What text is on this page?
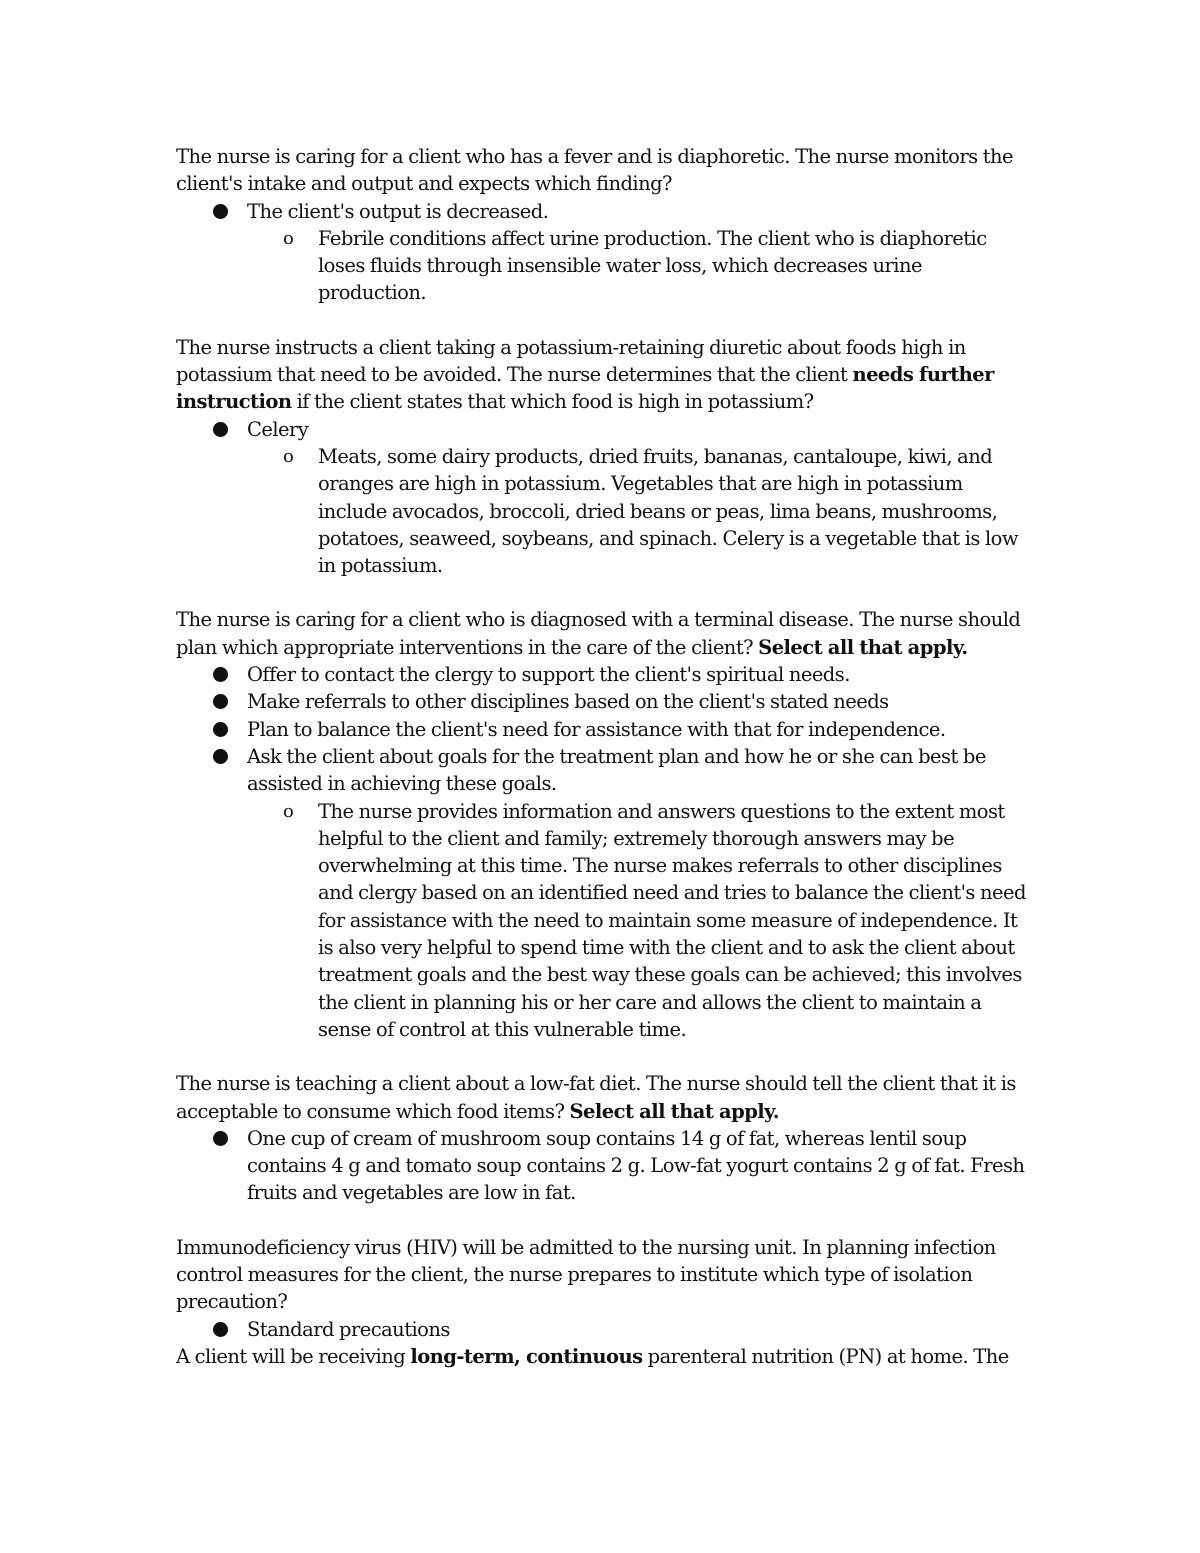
The nurse is caring for a client who has a fever and is diaphoretic. The nurse monitors the client's intake and output and expects which finding?

The client's output is decreased.
o Febrile conditions affect urine production. The client who is diaphoretic loses fluids through insensible water loss, which decreases urine production.

The nurse instructs a client taking a potassium-retaining diuretic about foods high in potassium that need to be avoided. The nurse determines that the client needs further instruction if the client states that which food is high in potassium?

Celery
o Meats, some dairy products, dried fruits, bananas, cantaloupe, kiwi, and oranges are high in potassium. Vegetables that are high in potassium include avocados, broccoli, dried beans or peas, lima beans, mushrooms, potatoes, seaweed, soybeans, and spinach. Celery is a vegetable that is low in potassium.

The nurse is caring for a client who is diagnosed with a terminal disease. The nurse should plan which appropriate interventions in the care of the client? Select all that apply.

Offer to contact the clergy to support the client's spiritual needs.
Make referrals to other disciplines based on the client's stated needs
Plan to balance the client's need for assistance with that for independence.
Ask the client about goals for the treatment plan and how he or she can best be assisted in achieving these goals.
o The nurse provides information and answers questions to the extent most helpful to the client and family; extremely thorough answers may be overwhelming at this time. The nurse makes referrals to other disciplines and clergy based on an identified need and tries to balance the client's need for assistance with the need to maintain some measure of independence. It is also very helpful to spend time with the client and to ask the client about treatment goals and the best way these goals can be achieved; this involves the client in planning his or her care and allows the client to maintain a sense of control at this vulnerable time.

The nurse is teaching a client about a low-fat diet. The nurse should tell the client that it is acceptable to consume which food items? Select all that apply.

One cup of cream of mushroom soup contains 14 g of fat, whereas lentil soup contains 4 g and tomato soup contains 2 g. Low-fat yogurt contains 2 g of fat. Fresh fruits and vegetables are low in fat.

Immunodeficiency virus (HIV) will be admitted to the nursing unit. In planning infection control measures for the client, the nurse prepares to institute which type of isolation precaution?

Standard precautions

A client will be receiving long-term, continuous parenteral nutrition (PN) at home. The
